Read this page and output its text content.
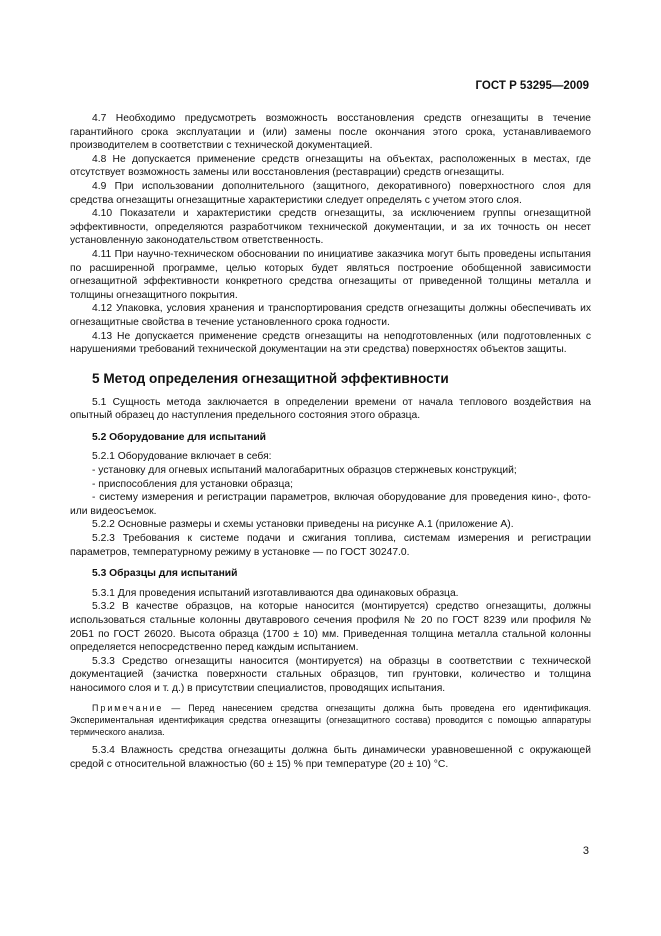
ГОСТ Р 53295—2009

4.7 Необходимо предусмотреть возможность восстановления средств огнезащиты в течение гарантийного срока эксплуатации и (или) замены после окончания этого срока, устанавливаемого производителем в соответствии с технической документацией.

4.8 Не допускается применение средств огнезащиты на объектах, расположенных в местах, где отсутствует возможность замены или восстановления (реставрации) средств огнезащиты.

4.9 При использовании дополнительного (защитного, декоративного) поверхностного слоя для средства огнезащиты огнезащитные характеристики следует определять с учетом этого слоя.

4.10 Показатели и характеристики средств огнезащиты, за исключением группы огнезащитной эффективности, определяются разработчиком технической документации, и за их точность он несет установленную законодательством ответственность.

4.11 При научно-техническом обосновании по инициативе заказчика могут быть проведены испытания по расширенной программе, целью которых будет являться построение обобщенной зависимости огнезащитной эффективности конкретного средства огнезащиты от приведенной толщины металла и толщины огнезащитного покрытия.

4.12 Упаковка, условия хранения и транспортирования средств огнезащиты должны обеспечивать их огнезащитные свойства в течение установленного срока годности.

4.13 Не допускается применение средств огнезащиты на неподготовленных (или подготовленных с нарушениями требований технической документации на эти средства) поверхностях объектов защиты.

5 Метод определения огнезащитной эффективности

5.1 Сущность метода заключается в определении времени от начала теплового воздействия на опытный образец до наступления предельного состояния этого образца.

5.2 Оборудование для испытаний

5.2.1 Оборудование включает в себя:

- установку для огневых испытаний малогабаритных образцов стержневых конструкций;

- приспособления для установки образца;

- систему измерения и регистрации параметров, включая оборудование для проведения кино-, фото- или видеосъемок.

5.2.2 Основные размеры и схемы установки приведены на рисунке А.1 (приложение А).

5.2.3 Требования к системе подачи и сжигания топлива, системам измерения и регистрации параметров, температурному режиму в установке — по ГОСТ 30247.0.

5.3 Образцы для испытаний

5.3.1 Для проведения испытаний изготавливаются два одинаковых образца.

5.3.2 В качестве образцов, на которые наносится (монтируется) средство огнезащиты, должны использоваться стальные колонны двутаврового сечения профиля № 20 по ГОСТ 8239 или профиля № 20Б1 по ГОСТ 26020. Высота образца (1700 ± 10) мм. Приведенная толщина металла стальной колонны определяется непосредственно перед каждым испытанием.

5.3.3 Средство огнезащиты наносится (монтируется) на образцы в соответствии с технической документацией (зачистка поверхности стальных образцов, тип грунтовки, количество и толщина наносимого слоя и т. д.) в присутствии специалистов, проводящих испытания.

Примечание — Перед нанесением средства огнезащиты должна быть проведена его идентификация. Экспериментальная идентификация средства огнезащиты (огнезащитного состава) проводится с помощью аппаратуры термического анализа.

5.3.4 Влажность средства огнезащиты должна быть динамически уравновешенной с окружающей средой с относительной влажностью (60 ± 15) % при температуре (20 ± 10) °С.

3
